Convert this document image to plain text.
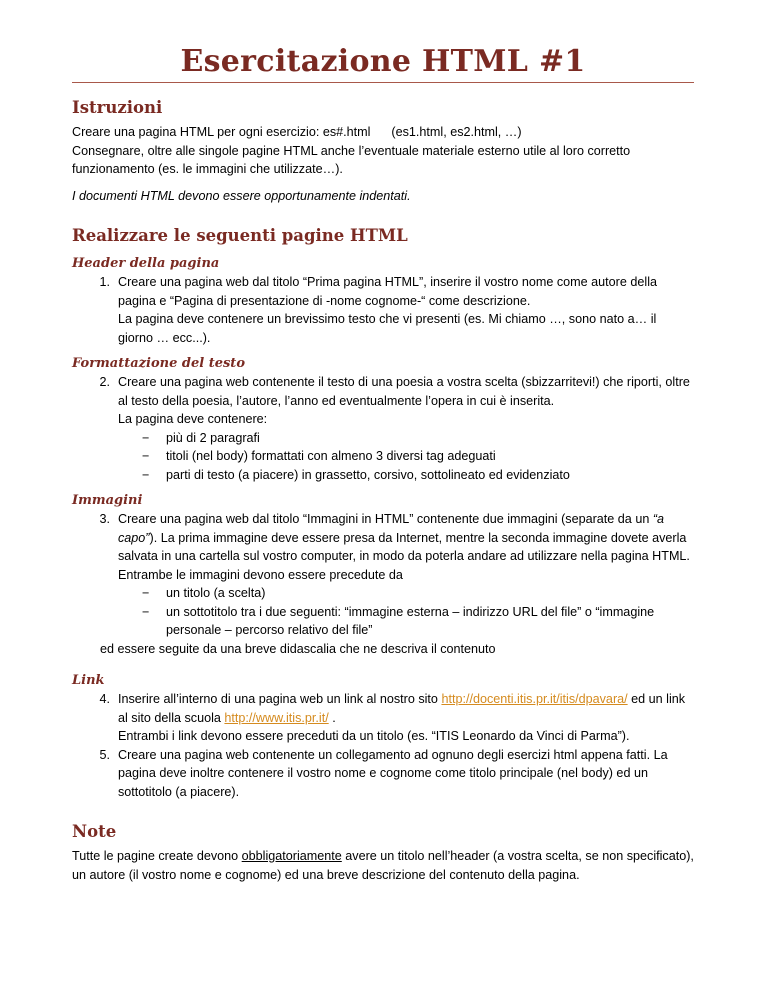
Esercitazione HTML #1
Istruzioni

Creare una pagina HTML per ogni esercizio: es#.html      (es1.html, es2.html, …)

Consegnare, oltre alle singole pagine HTML anche l’eventuale materiale esterno utile al loro corretto funzionamento (es. le immagini che utilizzate…).

I documenti HTML devono essere opportunamente indentati.

Realizzare le seguenti pagine HTML
Header della pagina
1. Creare una pagina web dal titolo “Prima pagina HTML”, inserire il vostro nome come autore della pagina e “Pagina di presentazione di -nome cognome-“ come descrizione.

La pagina deve contenere un brevissimo testo che vi presenti (es. Mi chiamo …, sono nato a… il giorno … ecc...).

Formattazione del testo
2. Creare una pagina web contenente il testo di una poesia a vostra scelta (sbizzarritevi!) che riporti, oltre al testo della poesia, l’autore, l’anno ed eventualmente l’opera in cui è inserita.

La pagina deve contenere:

−	più di 2 paragrafi
−	titoli (nel body) formattati con almeno 3 diversi tag adeguati
−	parti di testo (a piacere) in grassetto, corsivo, sottolineato ed evidenziato
Immagini
3. Creare una pagina web dal titolo “Immagini in HTML” contenente due immagini (separate da un “a capo”). La prima immagine deve essere presa da Internet, mentre la seconda immagine dovete averla salvata in una cartella sul vostro computer, in modo da poterla andare ad utilizzare nella pagina HTML.

Entrambe le immagini devono essere precedute da

−	un titolo (a scelta)
−	un sottotitolo tra i due seguenti: “immagine esterna – indirizzo URL del file” o “immagine personale – percorso relativo del file”

ed essere seguite da una breve didascalia che ne descriva il contenuto

Link
4. Inserire all’interno di una pagina web un link al nostro sito http://docenti.itis.pr.it/itis/dpavara/ ed un link al sito della scuola http://www.itis.pr.it/ .

Entrambi i link devono essere preceduti da un titolo (es. “ITIS Leonardo da Vinci di Parma”).

5. Creare una pagina web contenente un collegamento ad ognuno degli esercizi html appena fatti. La pagina deve inoltre contenere il vostro nome e cognome come titolo principale (nel body) ed un sottotitolo (a piacere).

Note

Tutte le pagine create devono obbligatoriamente avere un titolo nell’header (a vostra scelta, se non specificato), un autore (il vostro nome e cognome) ed una breve descrizione del contenuto della pagina.
